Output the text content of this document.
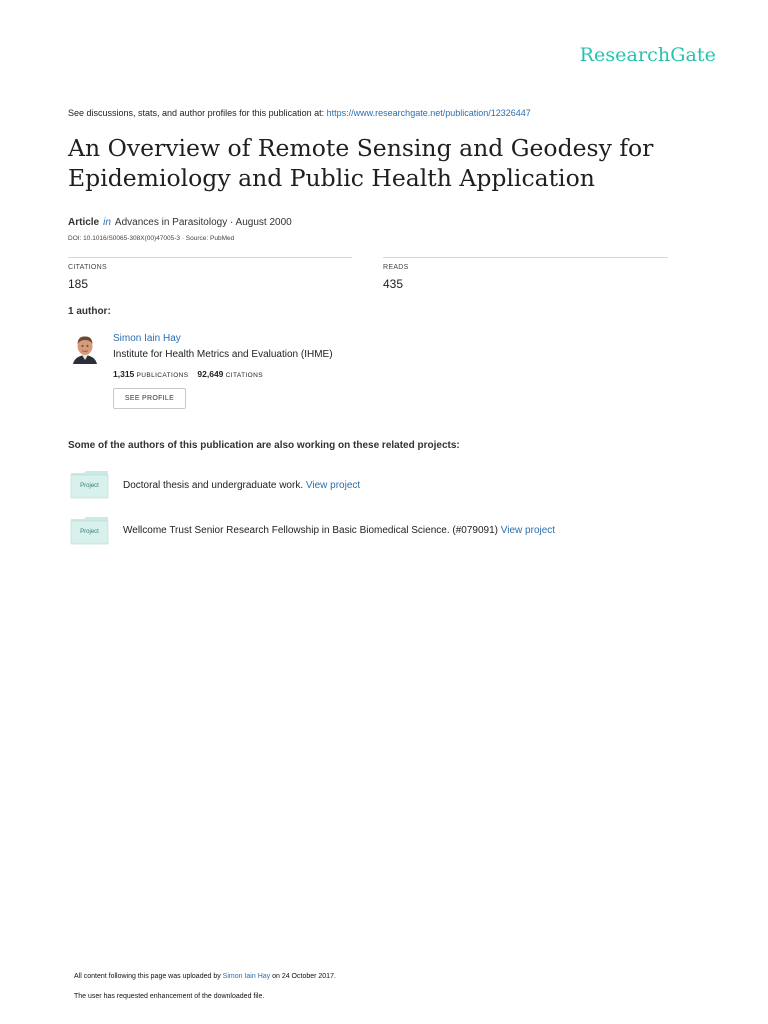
ResearchGate
See discussions, stats, and author profiles for this publication at: https://www.researchgate.net/publication/12326447
An Overview of Remote Sensing and Geodesy for Epidemiology and Public Health Application
Article in Advances in Parasitology · August 2000
DOI: 10.1016/S0065-308X(00)47005-3 · Source: PubMed
CITATIONS
185
READS
435
1 author:
Simon Iain Hay
Institute for Health Metrics and Evaluation (IHME)
1,315 PUBLICATIONS 92,649 CITATIONS
SEE PROFILE
Some of the authors of this publication are also working on these related projects:
Project	Doctoral thesis and undergraduate work. View project
Project	Wellcome Trust Senior Research Fellowship in Basic Biomedical Science. (#079091) View project
All content following this page was uploaded by Simon Iain Hay on 24 October 2017.
The user has requested enhancement of the downloaded file.
